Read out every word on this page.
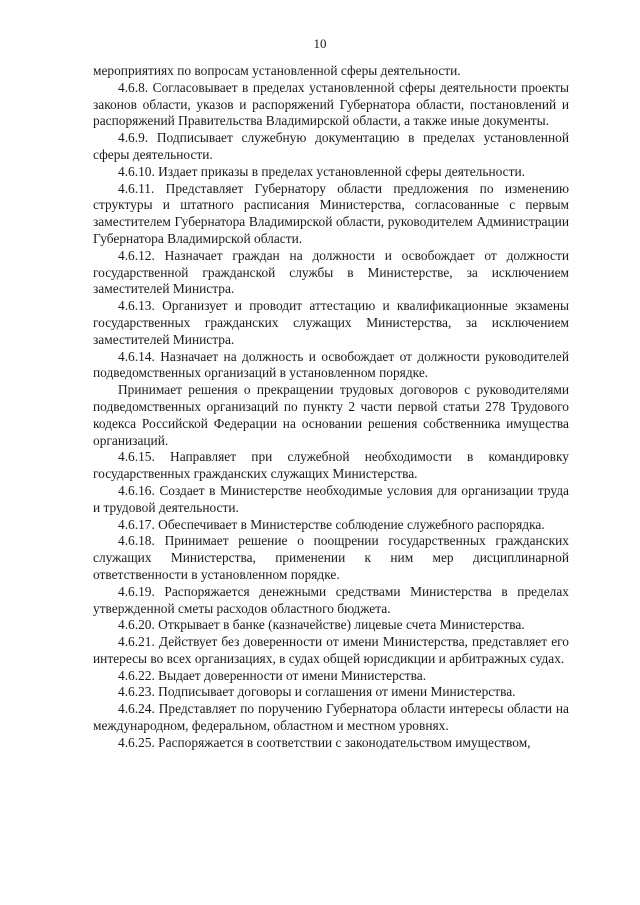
10

мероприятиях по вопросам установленной сферы деятельности.

4.6.8. Согласовывает в пределах установленной сферы деятельности проекты законов области, указов и распоряжений Губернатора области, постановлений и распоряжений Правительства Владимирской области, а также иные документы.

4.6.9. Подписывает служебную документацию в пределах установленной сферы деятельности.

4.6.10. Издает приказы в пределах установленной сферы деятельности.

4.6.11. Представляет Губернатору области предложения по изменению структуры и штатного расписания Министерства, согласованные с первым заместителем Губернатора Владимирской области, руководителем Администрации Губернатора Владимирской области.

4.6.12. Назначает граждан на должности и освобождает от должности государственной гражданской службы в Министерстве, за исключением заместителей Министра.

4.6.13. Организует и проводит аттестацию и квалификационные экзамены государственных гражданских служащих Министерства, за исключением заместителей Министра.

4.6.14. Назначает на должность и освобождает от должности руководителей подведомственных организаций в установленном порядке.

Принимает решения о прекращении трудовых договоров с руководителями подведомственных организаций по пункту 2 части первой статьи 278 Трудового кодекса Российской Федерации на основании решения собственника имущества организаций.

4.6.15. Направляет при служебной необходимости в командировку государственных гражданских служащих Министерства.

4.6.16. Создает в Министерстве необходимые условия для организации труда и трудовой деятельности.

4.6.17. Обеспечивает в Министерстве соблюдение служебного распорядка.

4.6.18. Принимает решение о поощрении государственных гражданских служащих Министерства, применении к ним мер дисциплинарной ответственности в установленном порядке.

4.6.19. Распоряжается денежными средствами Министерства в пределах утвержденной сметы расходов областного бюджета.

4.6.20. Открывает в банке (казначействе) лицевые счета Министерства.

4.6.21. Действует без доверенности от имени Министерства, представляет его интересы во всех организациях, в судах общей юрисдикции и арбитражных судах.

4.6.22. Выдает доверенности от имени Министерства.

4.6.23. Подписывает договоры и соглашения от имени Министерства.

4.6.24. Представляет по поручению Губернатора области интересы области на международном, федеральном, областном и местном уровнях.

4.6.25. Распоряжается в соответствии с законодательством имуществом,
